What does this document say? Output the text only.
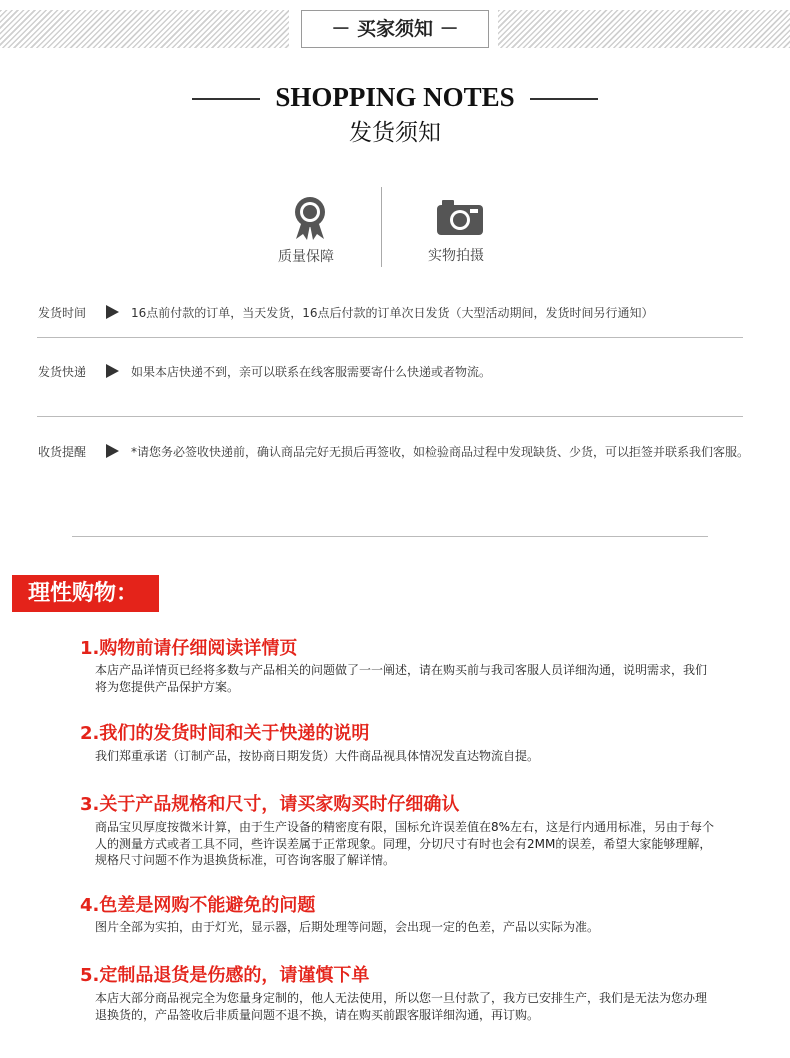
－ 买家须知 －
SHOPPING NOTES
发货须知
质量保障	实物拍摄
发货时间	16点前付款的订单，当天发货，16点后付款的订单次日发货（大型活动期间，发货时间另行通知）
发货快递	如果本店快递不到，亲可以联系在线客服需要寄什么快递或者物流。
收货提醒	*请您务必签收快递前，确认商品完好无损后再签收，如检验商品过程中发现缺货、少货，可以拒签并联系我们客服。
理性购物：
1.购物前请仔细阅读详情页
本店产品详情页已经将多数与产品相关的问题做了一一阐述，请在购买前与我司客服人员详细沟通，说明需求，我们将为您提供产品保护方案。
2.我们的发货时间和关于快递的说明
我们郑重承诺（订制产品，按协商日期发货）大件商品视具体情况发直达物流自提。
3.关于产品规格和尺寸，请买家购买时仔细确认
商品宝贝厚度按微米计算，由于生产设备的精密度有限，国标允许误差值在8%左右，这是行内通用标准，另由于每个人的测量方式或者工具不同，些许误差属于正常现象。同理，分切尺寸有时也会有2MM的误差，希望大家能够理解，规格尺寸问题不作为退换货标准，可咨询客服了解详情。
4.色差是网购不能避免的问题
图片全部为实拍，由于灯光，显示器，后期处理等问题，会出现一定的色差，产品以实际为准。
5.定制品退货是伤感的，请谨慎下单
本店大部分商品视完全为您量身定制的，他人无法使用，所以您一旦付款了，我方已安排生产，我们是无法为您办理退换货的，产品签收后非质量问题不退不换，请在购买前跟客服详细沟通，再订购。
